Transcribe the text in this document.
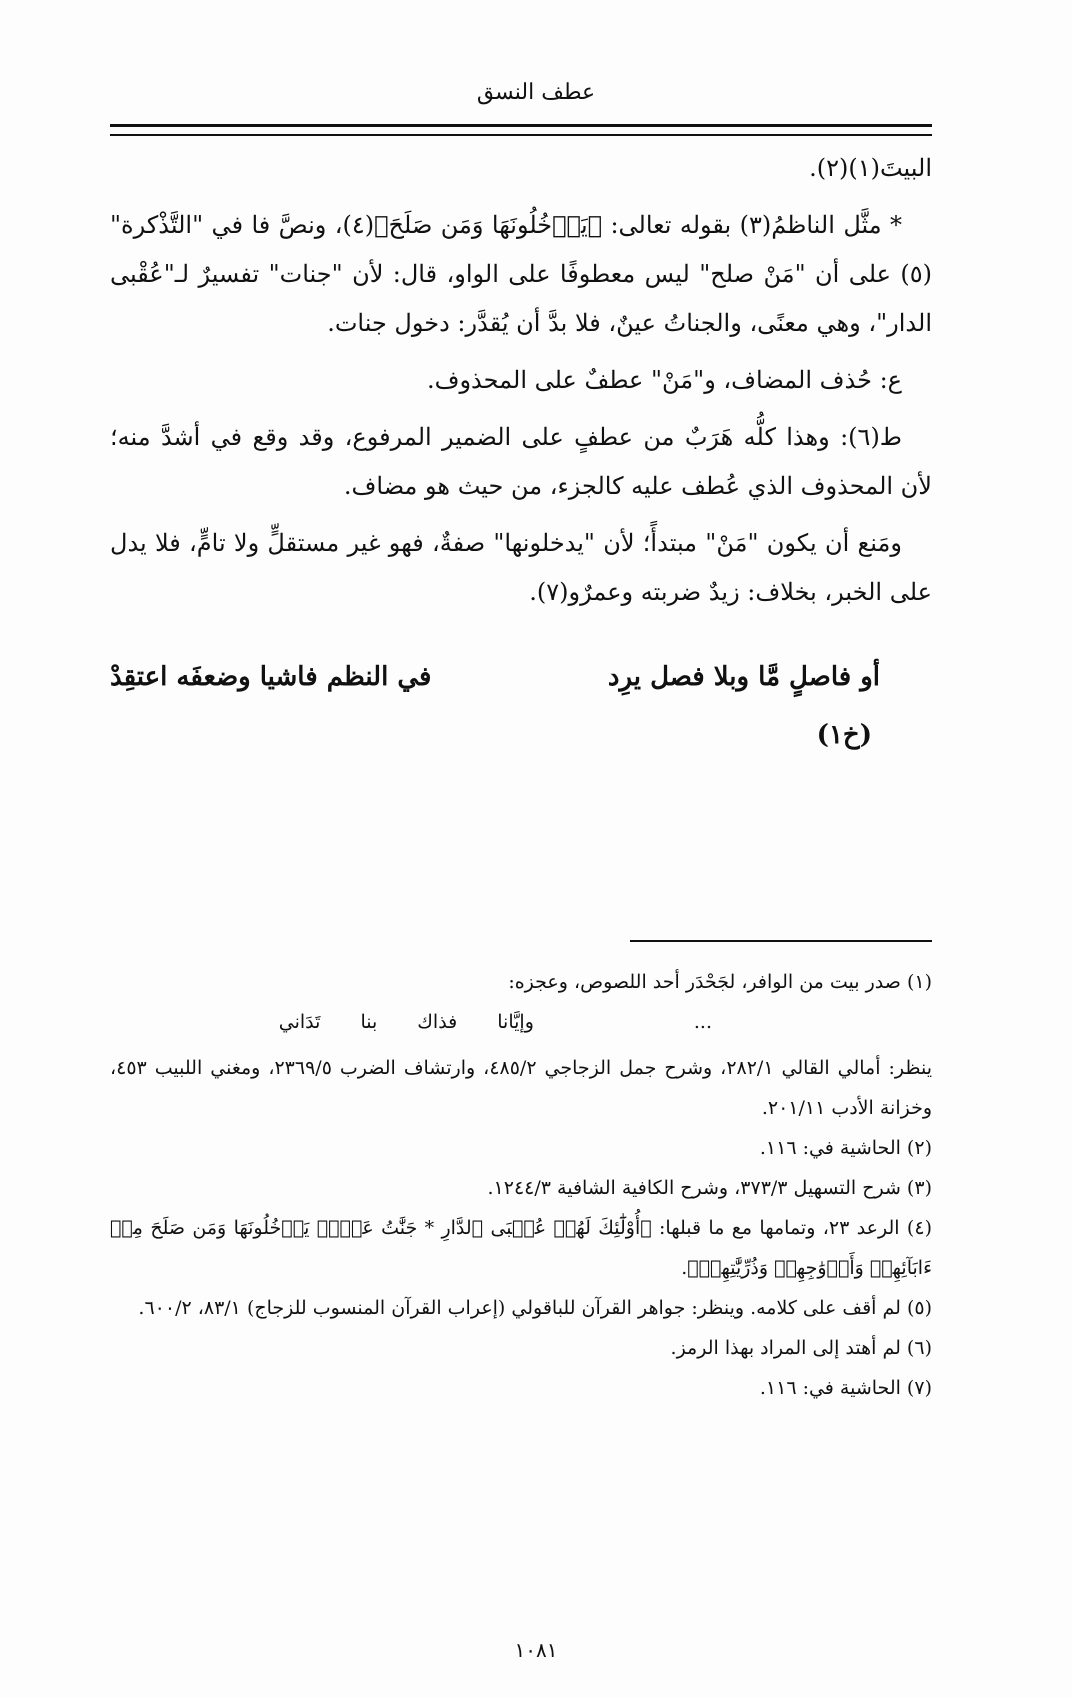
عطف النسق

البيتَ(١)(٢).

* مثَّل الناظمُ(٣) بقوله تعالى: ﴿يَدۡخُلُونَهَا وَمَن صَلَحَ﴾(٤)، ونصَّ فا في "التَّذْكرة"(٥) على أن "مَنْ صلح" ليس معطوفًا على الواو، قال: لأن "جنات" تفسيرٌ لـ"عُقْبى الدار"، وهي معنًى، والجناتُ عينٌ، فلا بدَّ أن يُقدَّر: دخول جنات.

ع: حُذف المضاف، و"مَنْ" عطفٌ على المحذوف.

ط(٦): وهذا كلُّه هَرَبٌ من عطفٍ على الضمير المرفوع، وقد وقع في أشدَّ منه؛ لأن المحذوف الذي عُطف عليه كالجزء، من حيث هو مضاف.

ومَنع أن يكون "مَنْ" مبتدأً؛ لأن "يدخلونها" صفةٌ، فهو غير مستقلٍّ ولا تامٍّ، فلا يدل على الخبر، بخلاف: زيدٌ ضربته وعمرٌو(٧).

أو فاصلٍ مَّا وبلا فصل يرِد
في النظم فاشيا وضعفَه اعتقِدْ
(خ١)

(١) صدر بيت من الوافر، لجَحْدَر أحد اللصوص، وعجزه:

...
وإيَّانا
فذاك
بنا
تَدَاني

ينظر: أمالي القالي ٢٨٢/١، وشرح جمل الزجاجي ٤٨٥/٢، وارتشاف الضرب ٢٣٦٩/٥، ومغني اللبيب ٤٥٣، وخزانة الأدب ٢٠١/١١.

(٢) الحاشية في: ١١٦.

(٣) شرح التسهيل ٣٧٣/٣، وشرح الكافية الشافية ١٢٤٤/٣.

(٤) الرعد ٢٣، وتمامها مع ما قبلها: ﴿أُوْلَٰٓئِكَ لَهُمۡ عُقۡبَى ٱلدَّارِ * جَنَّٰتُ عَدۡنٖ يَدۡخُلُونَهَا وَمَن صَلَحَ مِنۡ ءَابَآئِهِمۡ وَأَزۡوَٰجِهِمۡ وَذُرِّيَّٰتِهِمۡ﴾.

(٥) لم أقف على كلامه. وينظر: جواهر القرآن للباقولي (إعراب القرآن المنسوب للزجاج) ٨٣/١، ٦٠٠/٢.

(٦) لم أهتد إلى المراد بهذا الرمز.

(٧) الحاشية في: ١١٦.

١٠٨١
